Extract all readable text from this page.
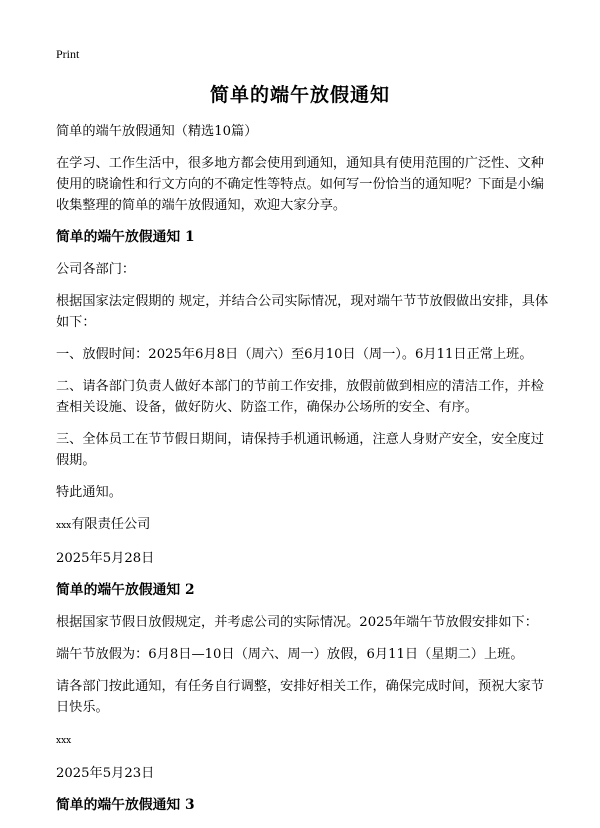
Print
简单的端午放假通知

简单的端午放假通知（精选10篇）

在学习、工作生活中，很多地方都会使用到通知，通知具有使用范围的广泛性、文种使用的晓谕性和行文方向的不确定性等特点。如何写一份恰当的通知呢？下面是小编收集整理的简单的端午放假通知，欢迎大家分享。

简单的端午放假通知 1

公司各部门：

根据国家法定假期的 规定，并结合公司实际情况，现对端午节节放假做出安排，具体如下：

一、放假时间：2025年6月8日（周六）至6月10日（周一）。6月11日正常上班。

二、请各部门负责人做好本部门的节前工作安排，放假前做到相应的清洁工作，并检查相关设施、设备，做好防火、防盗工作，确保办公场所的安全、有序。

三、全体员工在节节假日期间，请保持手机通讯畅通，注意人身财产安全，安全度过假期。

特此通知。

xxx有限责任公司

2025年5月28日

简单的端午放假通知 2

根据国家节假日放假规定，并考虑公司的实际情况。2025年端午节放假安排如下：

端午节放假为：6月8日—10日（周六、周一）放假，6月11日（星期二）上班。

请各部门按此通知，有任务自行调整，安排好相关工作，确保完成时间，预祝大家节日快乐。

xxx

2025年5月23日

简单的端午放假通知 3
